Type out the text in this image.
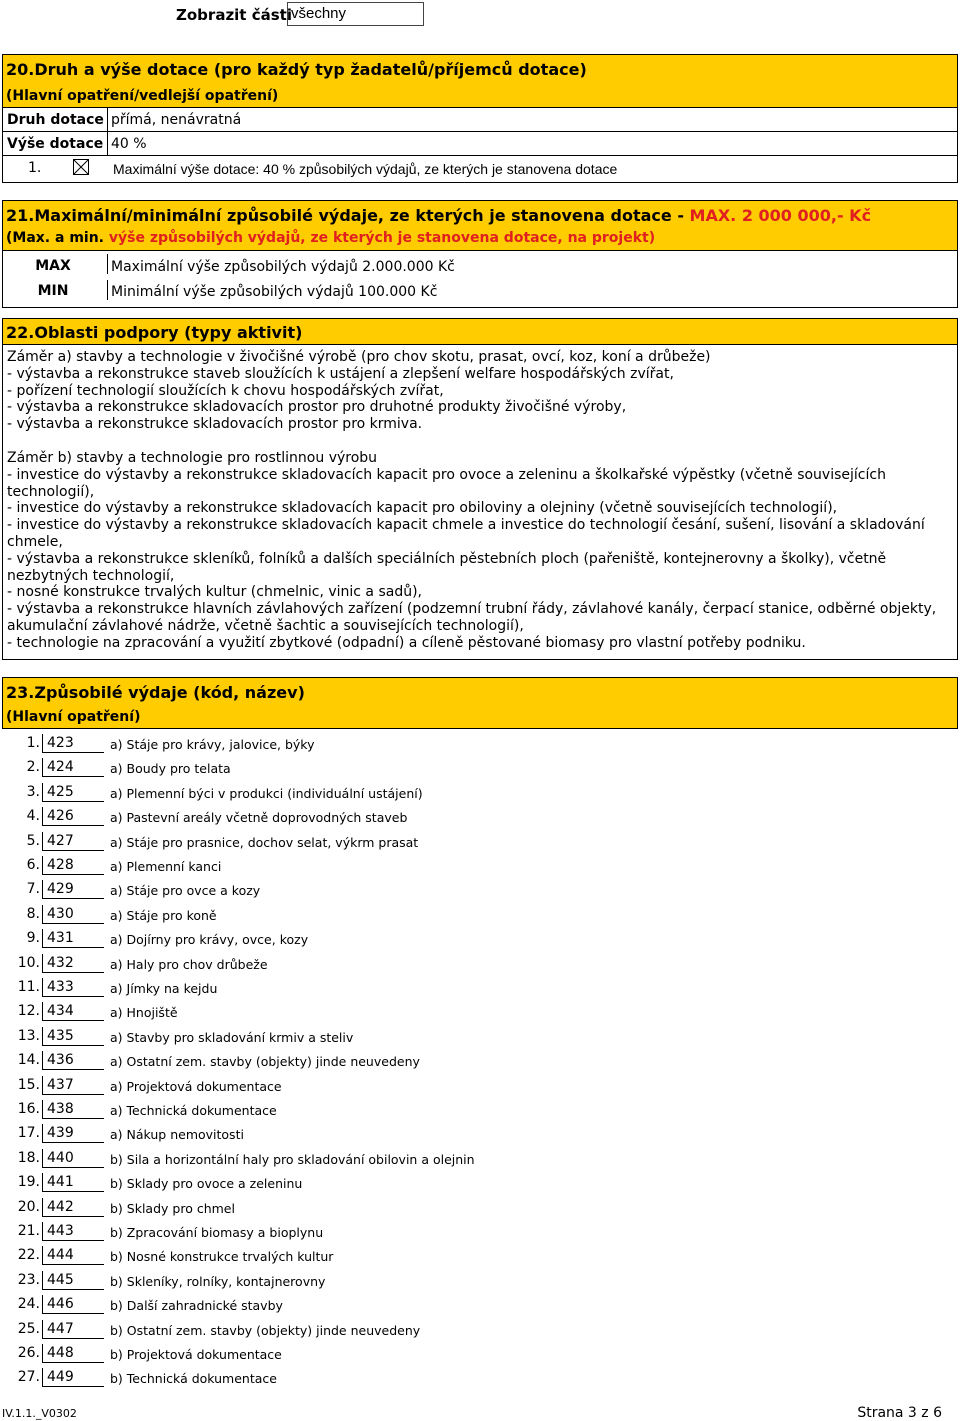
Zobrazit části všechny
20.Druh a výše dotace (pro každý typ žadatelů/příjemců dotace)
(Hlavní opatření/vedlejší opatření)
Druh dotace přímá, nenávratná
Výše dotace 40 %
1.	Maximální výše dotace: 40 % způsobilých výdajů, ze kterých je stanovena dotace
21.Maximální/minimální způsobilé výdaje, ze kterých je stanovena dotace - MAX. 2 000 000,- Kč
(Max. a min. výše způsobilých výdajů, ze kterých je stanovena dotace, na projekt)
MAX	Maximální výše způsobilých výdajů 2.000.000 Kč
MIN	Minimální výše způsobilých výdajů 100.000 Kč
22.Oblasti podpory (typy aktivit)

Záměr a) stavby a technologie v živočišné výrobě (pro chov skotu, prasat, ovcí, koz, koní a drůbeže)

- výstavba a rekonstrukce staveb sloužících k ustájení a zlepšení welfare hospodářských zvířat,

- pořízení technologií sloužících k chovu hospodářských zvířat,

- výstavba a rekonstrukce skladovacích prostor pro druhotné produkty živočišné výroby,

- výstavba a rekonstrukce skladovacích prostor pro krmiva.

Záměr b) stavby a technologie pro rostlinnou výrobu

- investice do výstavby a rekonstrukce skladovacích kapacit pro ovoce a zeleninu a školkařské výpěstky (včetně souvisejících

technologií),

- investice do výstavby a rekonstrukce skladovacích kapacit pro obiloviny a olejniny (včetně souvisejících technologií),

- investice do výstavby a rekonstrukce skladovacích kapacit chmele a investice do technologií česání, sušení, lisování a skladování

chmele,

- výstavba a rekonstrukce skleníků, folníků a dalších speciálních pěstebních ploch (pařeniště, kontejnerovny a školky), včetně

nezbytných technologií,

- nosné konstrukce trvalých kultur (chmelnic, vinic a sadů),

- výstavba a rekonstrukce hlavních závlahových zařízení (podzemní trubní řády, závlahové kanály, čerpací stanice, odběrné objekty,

akumulační závlahové nádrže, včetně šachtic a souvisejících technologií),

- technologie na zpracování a využití zbytkové (odpadní) a cíleně pěstované biomasy pro vlastní potřeby podniku.

23.Způsobilé výdaje (kód, název)
(Hlavní opatření)
1. 423	a) Stáje pro krávy, jalovice, býky
2. 424	a) Boudy pro telata
3. 425	a) Plemenní býci v produkci (individuální ustájení)
4. 426	a) Pastevní areály včetně doprovodných staveb
5. 427	a) Stáje pro prasnice, dochov selat, výkrm prasat
6. 428	a) Plemenní kanci
7. 429	a) Stáje pro ovce a kozy
8. 430	a) Stáje pro koně
9. 431	a) Dojírny pro krávy, ovce, kozy
10. 432	a) Haly pro chov drůbeže
11. 433	a) Jímky na kejdu
12. 434	a) Hnojiště
13. 435	a) Stavby pro skladování krmiv a steliv
14. 436	a) Ostatní zem. stavby (objekty) jinde neuvedeny
15. 437	a) Projektová dokumentace
16. 438	a) Technická dokumentace
17. 439	a) Nákup nemovitosti
18. 440	b) Sila a horizontální haly pro skladování obilovin a olejnin
19. 441	b) Sklady pro ovoce a zeleninu
20. 442	b) Sklady pro chmel
21. 443	b) Zpracování biomasy a bioplynu
22. 444	b) Nosné konstrukce trvalých kultur
23. 445	b) Skleníky, rolníky, kontajnerovny
24. 446	b) Další zahradnické stavby
25. 447	b) Ostatní zem. stavby (objekty) jinde neuvedeny
26. 448	b) Projektová dokumentace
27. 449	b) Technická dokumentace
IV.1.1._V0302	Strana 3 z 6
